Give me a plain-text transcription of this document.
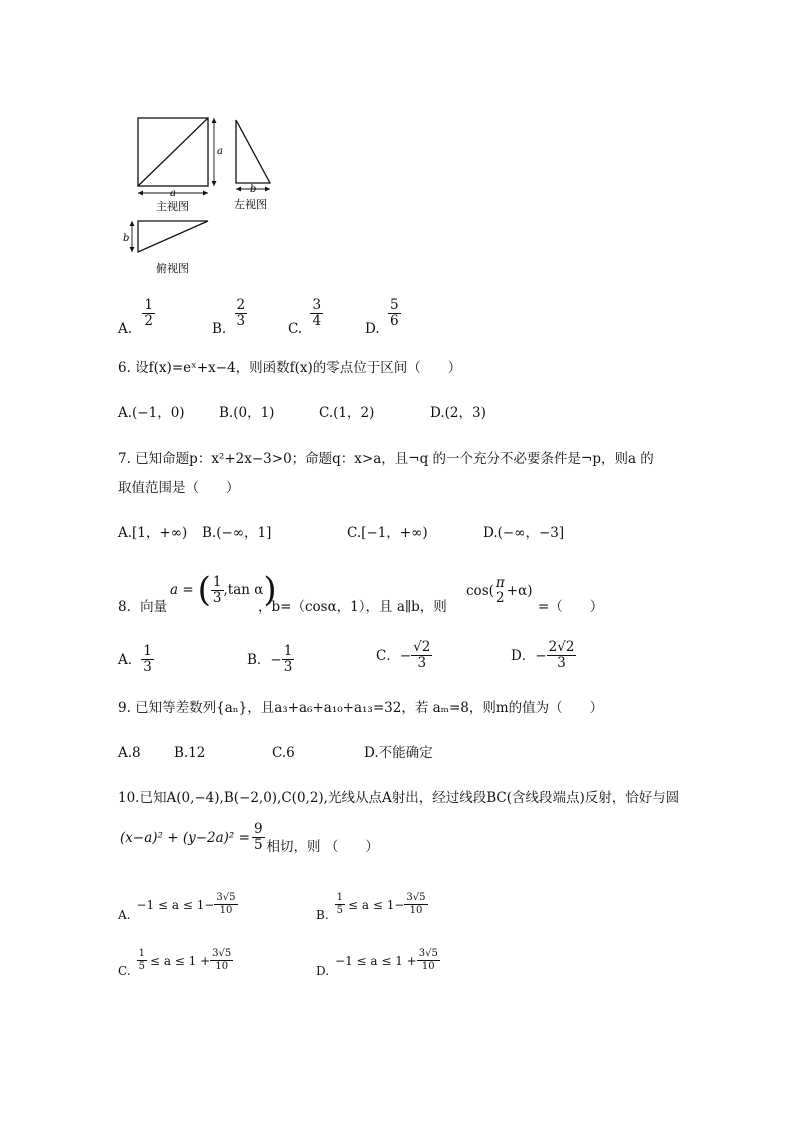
a
a
b
b
主视图	左视图
俯视图
A. $\frac{1}{2}$	B. $\frac{2}{3}$	C. $\frac{3}{4}$	D. $\frac{5}{6}$
6. 设f(x)=eˣ+x−4，则函数f(x)的零点位于区间（　　）
A.(−1，0)	B.(0，1)	C.(1，2)	D.(2，3)
7. 已知命题p：x²+2x−3>0；命题q：x>a，且¬q 的一个充分不必要条件是¬p，则a 的
取值范围是（　　）
A.[1，+∞) B.(−∞，1]	C.[−1，+∞)	D.(−∞，−3]
8．向量
a = ( $\frac{1}{3} ,\tan$ α )
，b=（cosα，1），且 a∥b，则
cos( π
2 +α)
=（　　）
A． $\frac{1}{3}$	B． − $\frac{1}{3}$	C． − $\frac{√2}{3}$	D． − $\frac{2√2}{3}$
9. 已知等差数列{aₙ}，且a₃+a₆+a₁₀+a₁₃=32，若 aₘ=8，则m的值为（　　）
A.8 B.12	C.6	D.不能确定
10.已知A(0,−4),B(−2,0),C(0,2),光线从点A射出，经过线段BC(含线段端点)反射，恰好与圆
$(x-a)^2 + (y-2a)^2 = \frac{9}{5}$ 相切，则 （　　）
A.
$-1 \le a \le 1- \frac{3√5}{10}$	B. $\frac{1}{5} \le a \le 1- \frac{3√5}{10}$
C. $\frac{1}{5} \le a \le 1 + \frac{3√5}{10}$	D.
$-1 \le a \le 1 + \frac{3√5}{10}$
